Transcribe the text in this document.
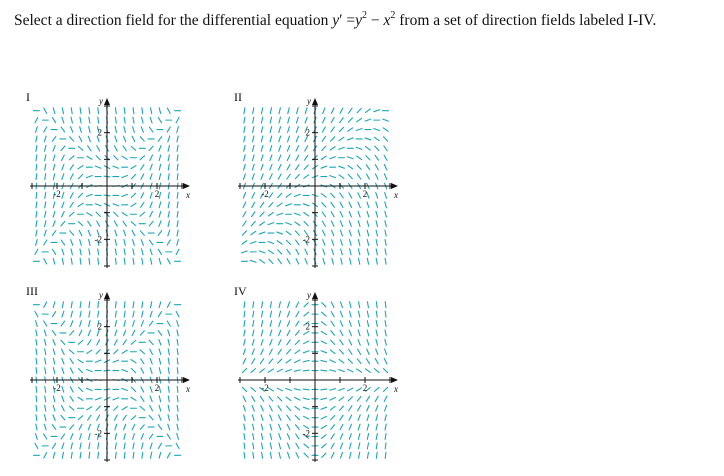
Select a direction field for the differential equation $y' =y^2 - x^2$ from a set of direction fields labeled I-IV.
I
x
y
2
-2
2
-2
II
x
y
2
-2
2
-2
III
x
y
2
-2
2
-2
IV
x
y
2
-2
2
-2
